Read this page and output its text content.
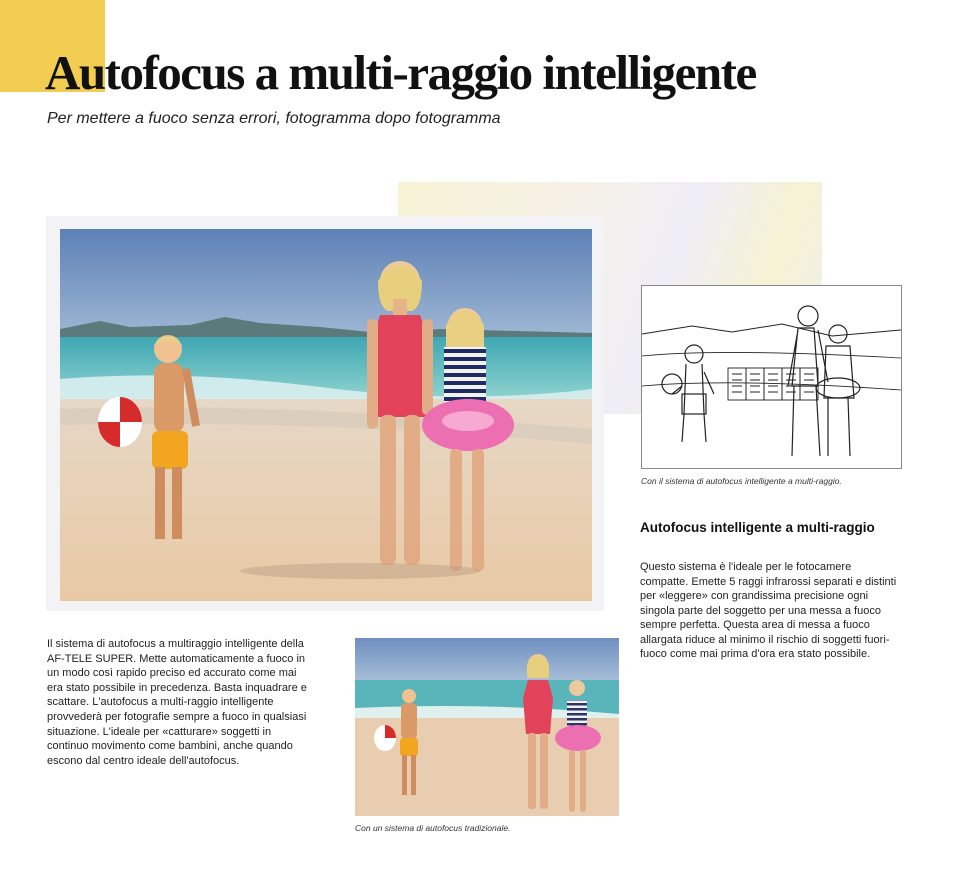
Autofocus a multi-raggio intelligente
Per mettere a fuoco senza errori, fotogramma dopo fotogramma
Con il sistema di autofocus intelligente a multi-raggio.
Autofocus intelligente a multi-raggio
Questo sistema è l'ideale per le fotocamere compatte. Emette 5 raggi infrarossi separati e distinti per «leggere» con grandissima precisione ogni singola parte del soggetto per una messa a fuoco sempre perfetta. Questa area di messa a fuoco allargata riduce al minimo il rischio di soggetti fuori-fuoco come mai prima d'ora era stato possibile.
Il sistema di autofocus a multiraggio intelligente della AF-TELE SUPER. Mette automaticamente a fuoco in un modo così rapido preciso ed accurato come mai era stato possibile in precedenza. Basta inquadrare e scattare. L'autofocus a multi-raggio intelligente provvederà per fotografie sempre a fuoco in qualsiasi situazione. L'ideale per «catturare» soggetti in continuo movimento come bambini, anche quando escono dal centro ideale dell'autofocus.
Con un sistema di autofocus tradizionale.
